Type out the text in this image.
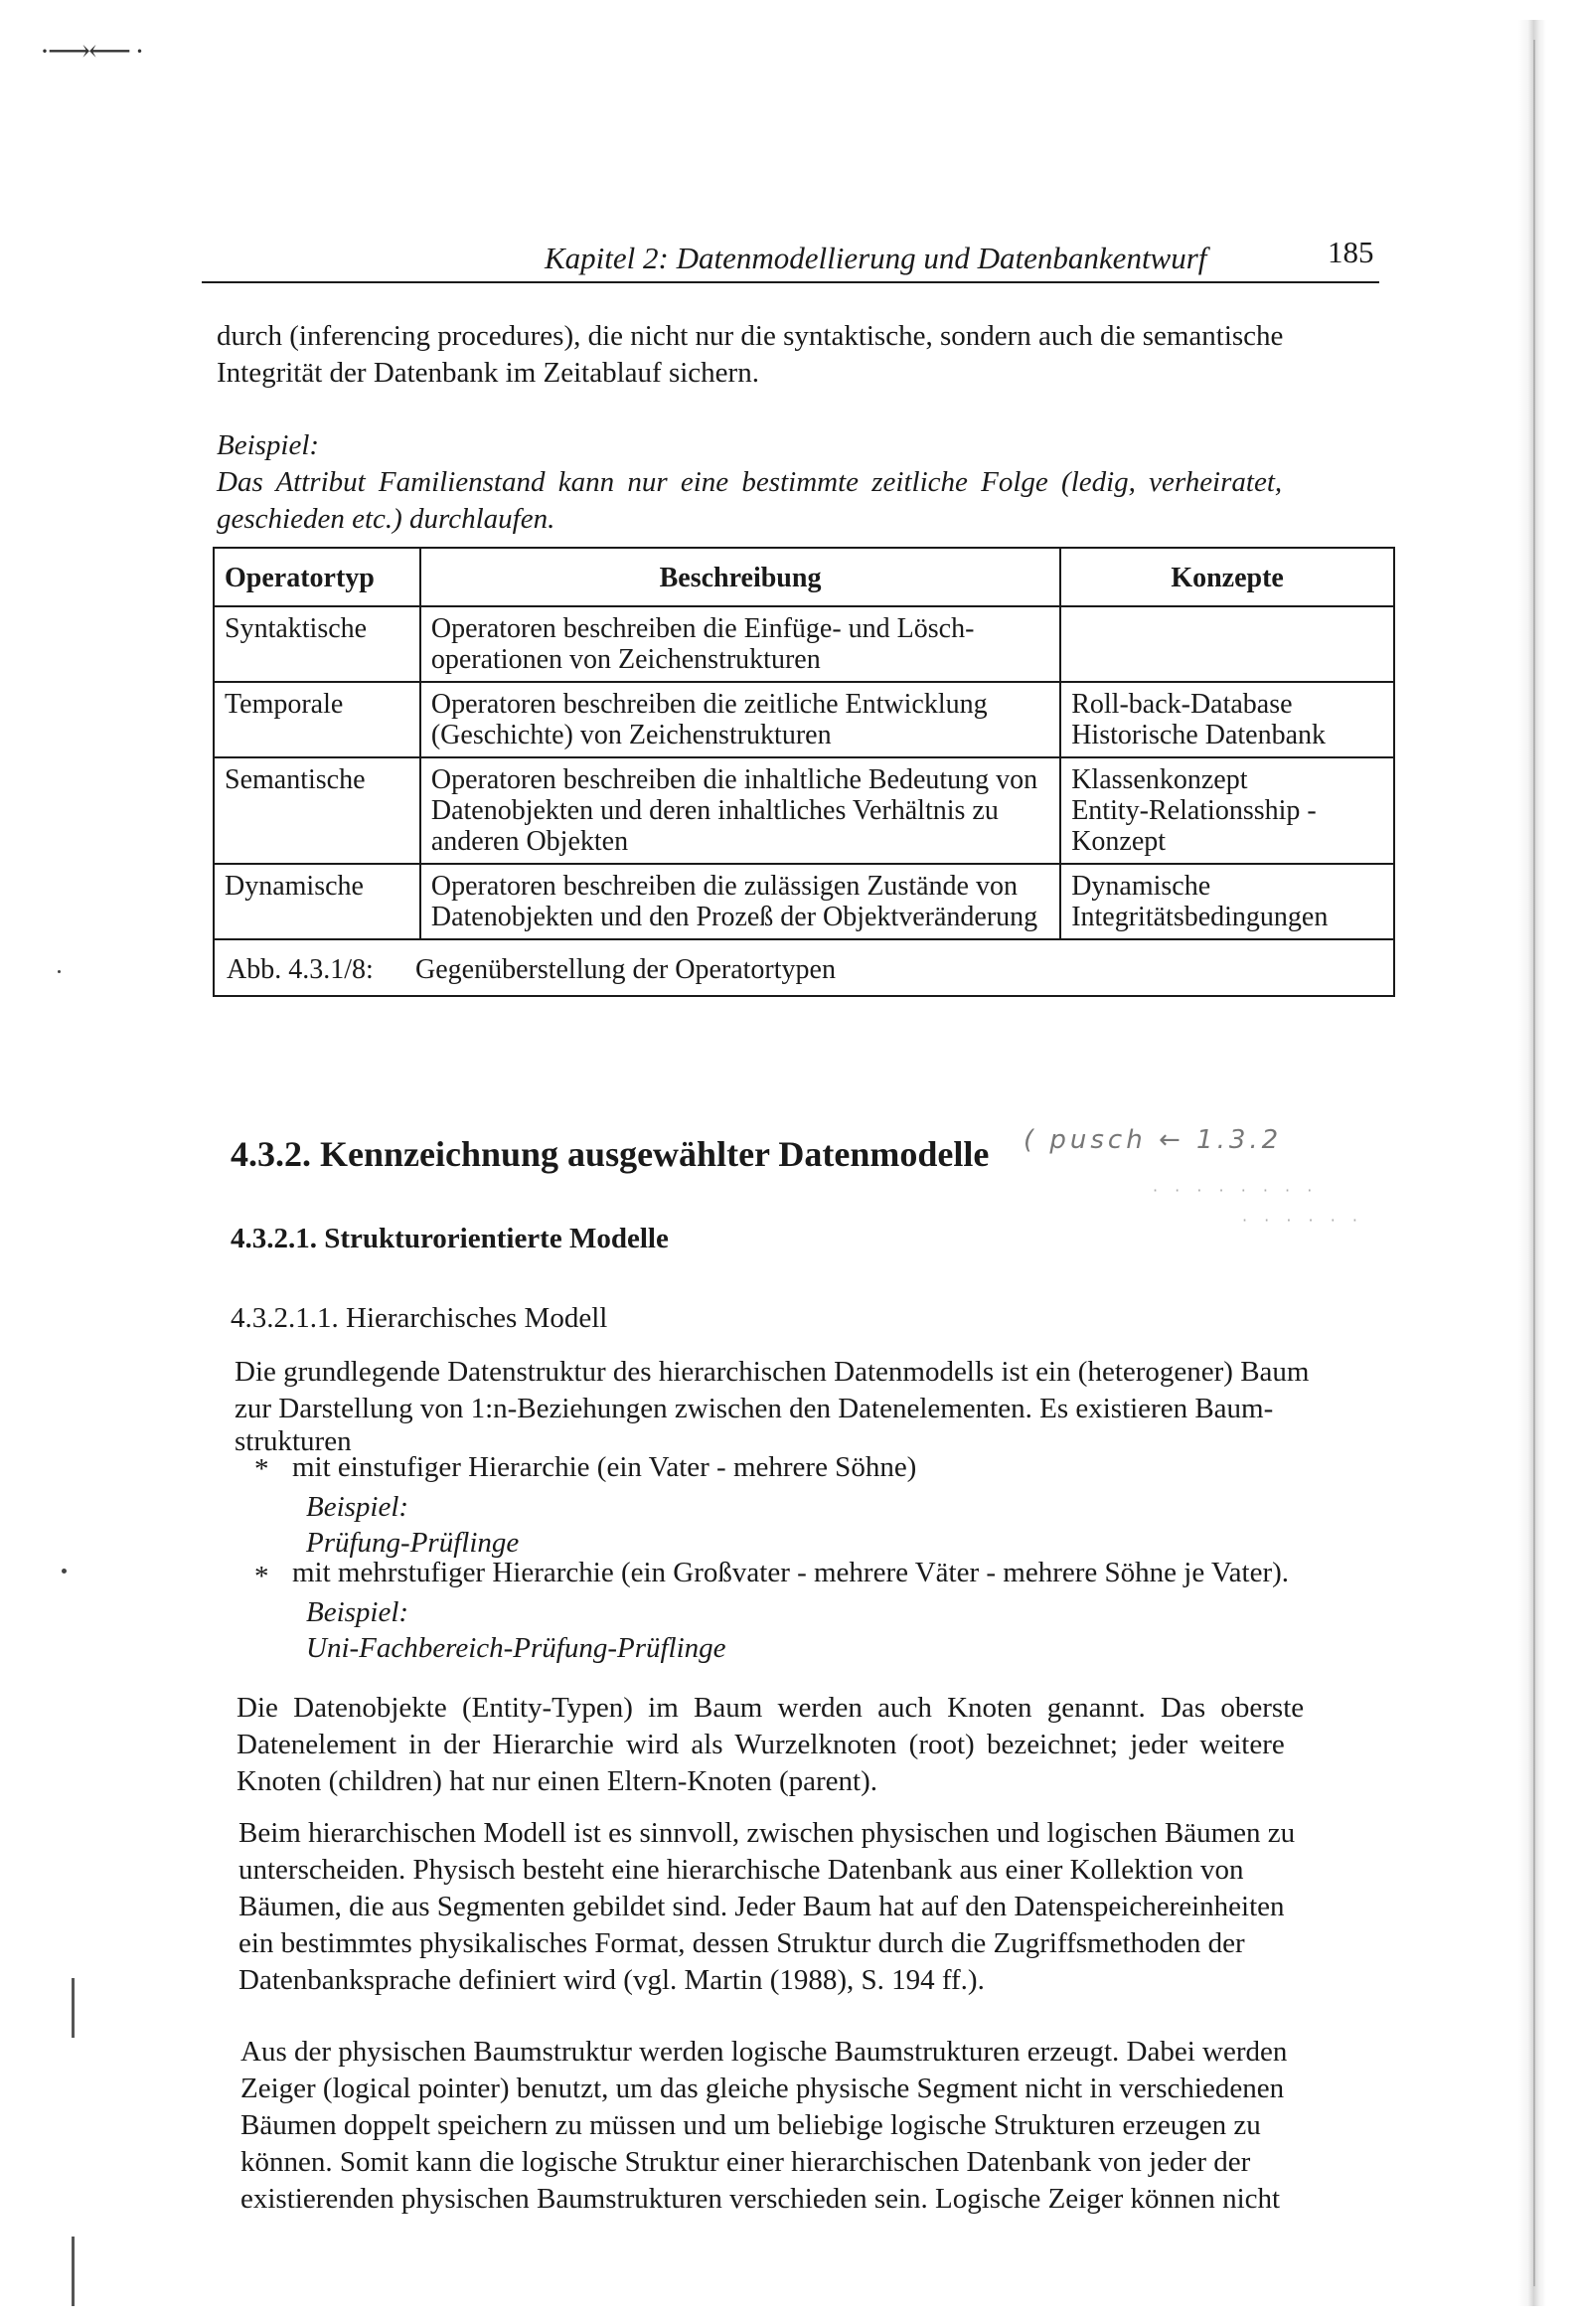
·⟶⟵ ·
Kapitel 2: Datenmodellierung und Datenbankentwurf	185
durch (inferencing procedures), die nicht nur die syntaktische, sondern auch die semantische
Integrität der Datenbank im Zeitablauf sichern.
Beispiel:
Das Attribut Familienstand kann nur eine bestimmte zeitliche Folge (ledig, verheiratet,
geschieden etc.) durchlaufen.
Operatortyp	Beschreibung	Konzepte
Syntaktische	Operatoren beschreiben die Einfüge- und Lösch-operationen von Zeichenstrukturen	
Temporale	Operatoren beschreiben die zeitliche Entwicklung (Geschichte) von Zeichenstrukturen	Roll-back-Database
Historische Datenbank

Semantische	Operatoren beschreiben die inhaltliche Bedeutung von Datenobjekten und deren inhaltliches Verhältnis zu anderen Objekten	Klassenkonzept
Entity-Relationsship - Konzept

Dynamische	Operatoren beschreiben die zulässigen Zustände von Datenobjekten und den Prozeß der Objektveränderung	Dynamische
Integritätsbedingungen

Abb. 4.3.1/8: Gegenüberstellung der Operatortypen		
4.3.2. Kennzeichnung ausgewählter Datenmodelle ( pusch ← 1.3.2
· · · · · · · ·
· · · · · ·
4.3.2.1. Strukturorientierte Modelle
4.3.2.1.1. Hierarchisches Modell
Die grundlegende Datenstruktur des hierarchischen Datenmodells ist ein (heterogener) Baum
zur Darstellung von 1:n-Beziehungen zwischen den Datenelementen. Es existieren Baum-
strukturen
* mit einstufiger Hierarchie (ein Vater - mehrere Söhne)
Beispiel:
Prüfung-Prüflinge
* mit mehrstufiger Hierarchie (ein Großvater - mehrere Väter - mehrere Söhne je Vater).
Beispiel:
Uni-Fachbereich-Prüfung-Prüflinge
Die Datenobjekte (Entity-Typen) im Baum werden auch Knoten genannt. Das oberste
Datenelement in der Hierarchie wird als Wurzelknoten (root) bezeichnet; jeder weitere
Knoten (children) hat nur einen Eltern-Knoten (parent).
Beim hierarchischen Modell ist es sinnvoll, zwischen physischen und logischen Bäumen zu
unterscheiden. Physisch besteht eine hierarchische Datenbank aus einer Kollektion von
Bäumen, die aus Segmenten gebildet sind. Jeder Baum hat auf den Datenspeichereinheiten
ein bestimmtes physikalisches Format, dessen Struktur durch die Zugriffsmethoden der
Datenbanksprache definiert wird (vgl. Martin (1988), S. 194 ff.).
Aus der physischen Baumstruktur werden logische Baumstrukturen erzeugt. Dabei werden
Zeiger (logical pointer) benutzt, um das gleiche physische Segment nicht in verschiedenen
Bäumen doppelt speichern zu müssen und um beliebige logische Strukturen erzeugen zu
können. Somit kann die logische Struktur einer hierarchischen Datenbank von jeder der
existierenden physischen Baumstrukturen verschieden sein. Logische Zeiger können nicht
